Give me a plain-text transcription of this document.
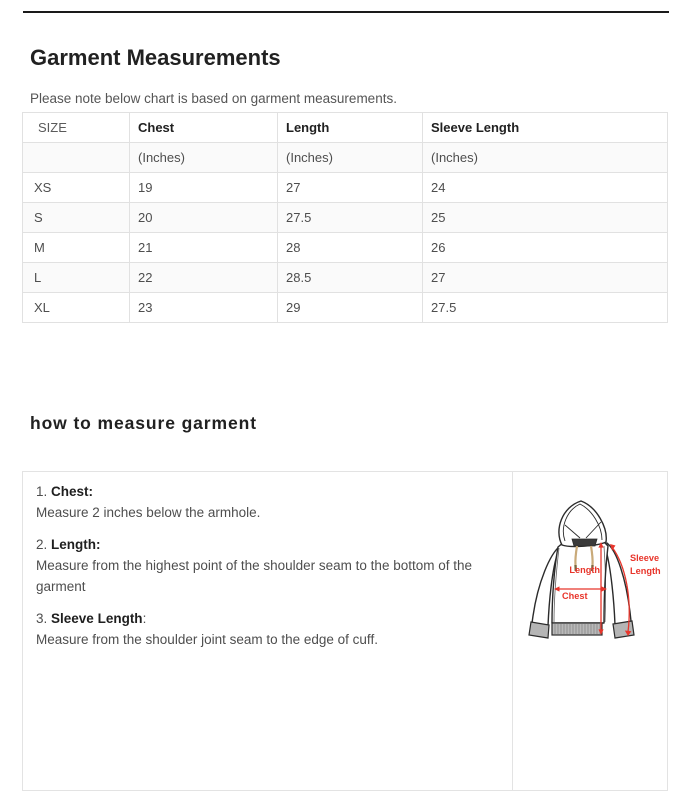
Garment Measurements

Please note below chart is based on garment measurements.

SIZE	Chest	Length	Sleeve Length
	(Inches)	(Inches)	(Inches)
XS	19	27	24
S	20	27.5	25
M	21	28	26
L	22	28.5	27
XL	23	29	27.5
how to measure garment

1. Chest:

Measure 2 inches below the armhole.

2. Length:

Measure from the highest point of the shoulder seam to the bottom of the garment

3. Sleeve Length:

Measure from the shoulder joint seam to the edge of cuff.

Length
Chest
Sleeve
Length
